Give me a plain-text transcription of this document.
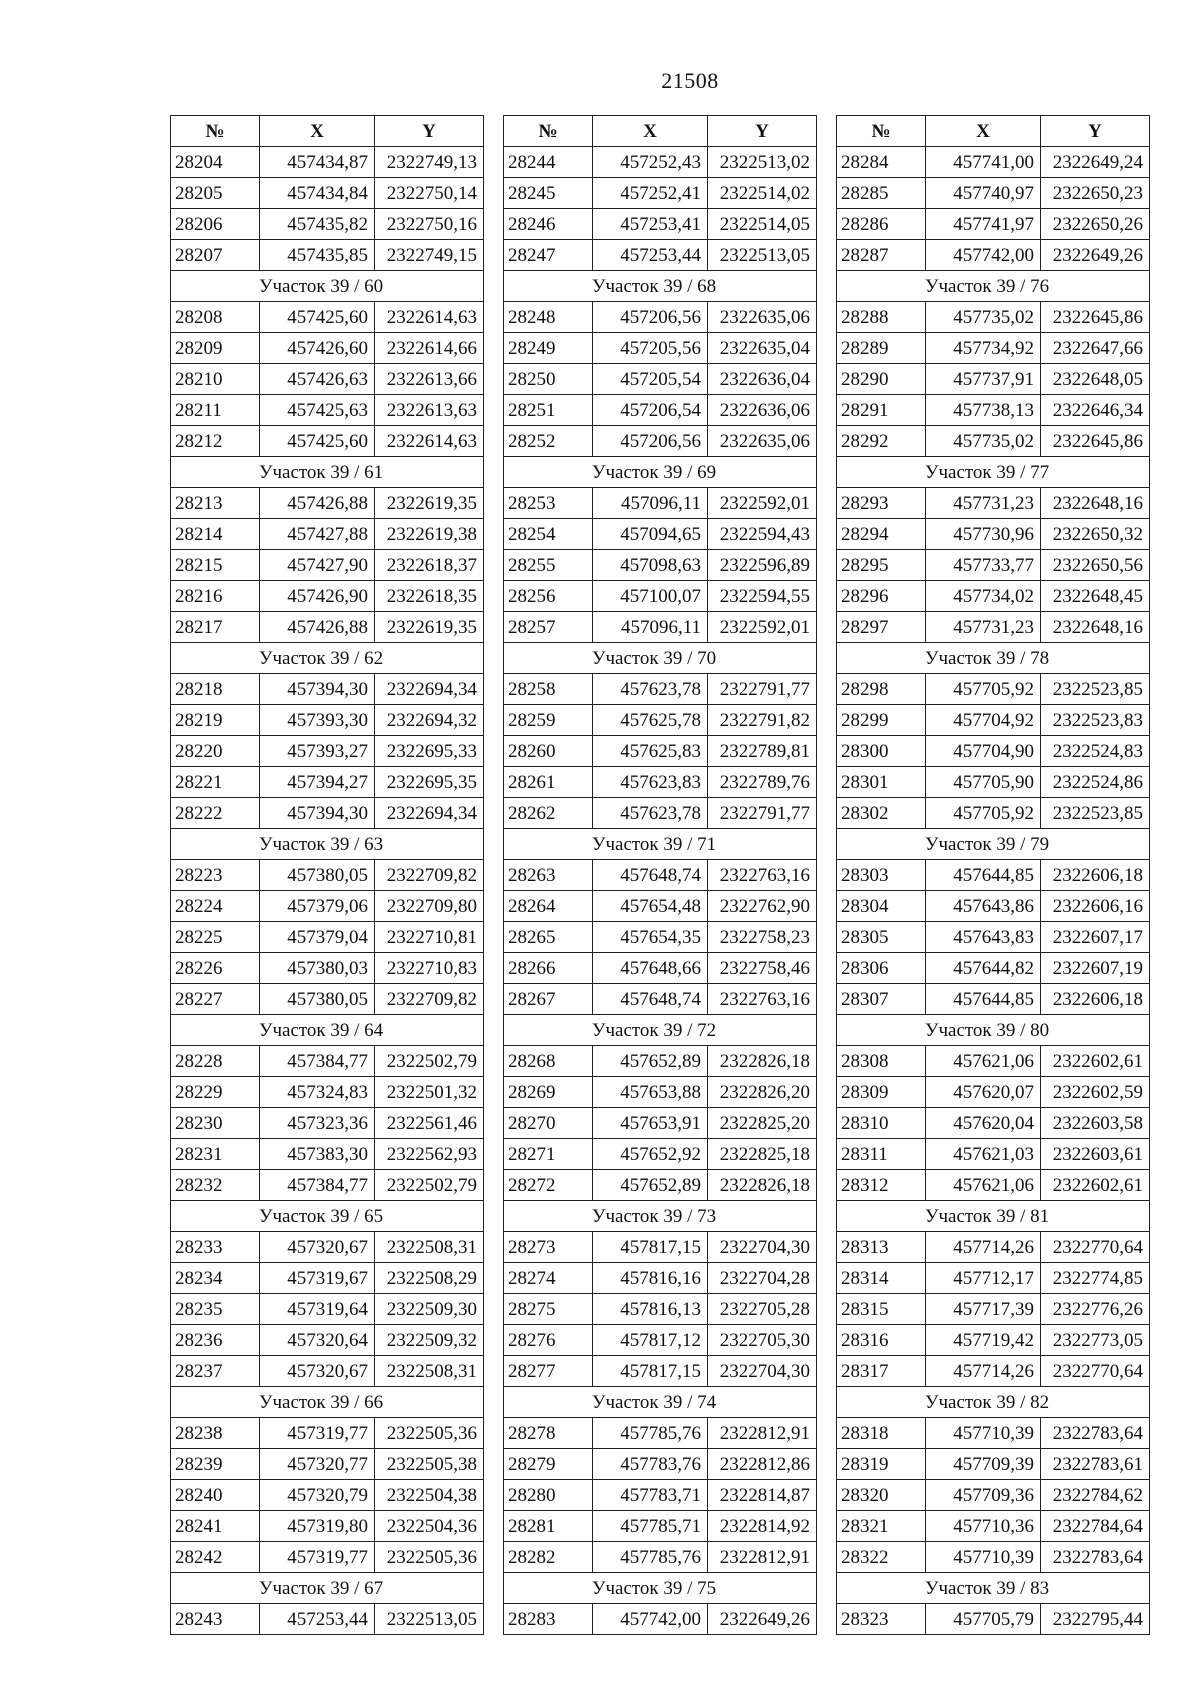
21508
№	X	Y
28204	457434,87	2322749,13
28205	457434,84	2322750,14
28206	457435,82	2322750,16
28207	457435,85	2322749,15
Участок 39 / 60		
28208	457425,60	2322614,63
28209	457426,60	2322614,66
28210	457426,63	2322613,66
28211	457425,63	2322613,63
28212	457425,60	2322614,63
Участок 39 / 61		
28213	457426,88	2322619,35
28214	457427,88	2322619,38
28215	457427,90	2322618,37
28216	457426,90	2322618,35
28217	457426,88	2322619,35
Участок 39 / 62		
28218	457394,30	2322694,34
28219	457393,30	2322694,32
28220	457393,27	2322695,33
28221	457394,27	2322695,35
28222	457394,30	2322694,34
Участок 39 / 63		
28223	457380,05	2322709,82
28224	457379,06	2322709,80
28225	457379,04	2322710,81
28226	457380,03	2322710,83
28227	457380,05	2322709,82
Участок 39 / 64		
28228	457384,77	2322502,79
28229	457324,83	2322501,32
28230	457323,36	2322561,46
28231	457383,30	2322562,93
28232	457384,77	2322502,79
Участок 39 / 65		
28233	457320,67	2322508,31
28234	457319,67	2322508,29
28235	457319,64	2322509,30
28236	457320,64	2322509,32
28237	457320,67	2322508,31
Участок 39 / 66		
28238	457319,77	2322505,36
28239	457320,77	2322505,38
28240	457320,79	2322504,38
28241	457319,80	2322504,36
28242	457319,77	2322505,36
Участок 39 / 67		
28243	457253,44	2322513,05
№	X	Y
28244	457252,43	2322513,02
28245	457252,41	2322514,02
28246	457253,41	2322514,05
28247	457253,44	2322513,05
Участок 39 / 68		
28248	457206,56	2322635,06
28249	457205,56	2322635,04
28250	457205,54	2322636,04
28251	457206,54	2322636,06
28252	457206,56	2322635,06
Участок 39 / 69		
28253	457096,11	2322592,01
28254	457094,65	2322594,43
28255	457098,63	2322596,89
28256	457100,07	2322594,55
28257	457096,11	2322592,01
Участок 39 / 70		
28258	457623,78	2322791,77
28259	457625,78	2322791,82
28260	457625,83	2322789,81
28261	457623,83	2322789,76
28262	457623,78	2322791,77
Участок 39 / 71		
28263	457648,74	2322763,16
28264	457654,48	2322762,90
28265	457654,35	2322758,23
28266	457648,66	2322758,46
28267	457648,74	2322763,16
Участок 39 / 72		
28268	457652,89	2322826,18
28269	457653,88	2322826,20
28270	457653,91	2322825,20
28271	457652,92	2322825,18
28272	457652,89	2322826,18
Участок 39 / 73		
28273	457817,15	2322704,30
28274	457816,16	2322704,28
28275	457816,13	2322705,28
28276	457817,12	2322705,30
28277	457817,15	2322704,30
Участок 39 / 74		
28278	457785,76	2322812,91
28279	457783,76	2322812,86
28280	457783,71	2322814,87
28281	457785,71	2322814,92
28282	457785,76	2322812,91
Участок 39 / 75		
28283	457742,00	2322649,26
№	X	Y
28284	457741,00	2322649,24
28285	457740,97	2322650,23
28286	457741,97	2322650,26
28287	457742,00	2322649,26
Участок 39 / 76		
28288	457735,02	2322645,86
28289	457734,92	2322647,66
28290	457737,91	2322648,05
28291	457738,13	2322646,34
28292	457735,02	2322645,86
Участок 39 / 77		
28293	457731,23	2322648,16
28294	457730,96	2322650,32
28295	457733,77	2322650,56
28296	457734,02	2322648,45
28297	457731,23	2322648,16
Участок 39 / 78		
28298	457705,92	2322523,85
28299	457704,92	2322523,83
28300	457704,90	2322524,83
28301	457705,90	2322524,86
28302	457705,92	2322523,85
Участок 39 / 79		
28303	457644,85	2322606,18
28304	457643,86	2322606,16
28305	457643,83	2322607,17
28306	457644,82	2322607,19
28307	457644,85	2322606,18
Участок 39 / 80		
28308	457621,06	2322602,61
28309	457620,07	2322602,59
28310	457620,04	2322603,58
28311	457621,03	2322603,61
28312	457621,06	2322602,61
Участок 39 / 81		
28313	457714,26	2322770,64
28314	457712,17	2322774,85
28315	457717,39	2322776,26
28316	457719,42	2322773,05
28317	457714,26	2322770,64
Участок 39 / 82		
28318	457710,39	2322783,64
28319	457709,39	2322783,61
28320	457709,36	2322784,62
28321	457710,36	2322784,64
28322	457710,39	2322783,64
Участок 39 / 83		
28323	457705,79	2322795,44
